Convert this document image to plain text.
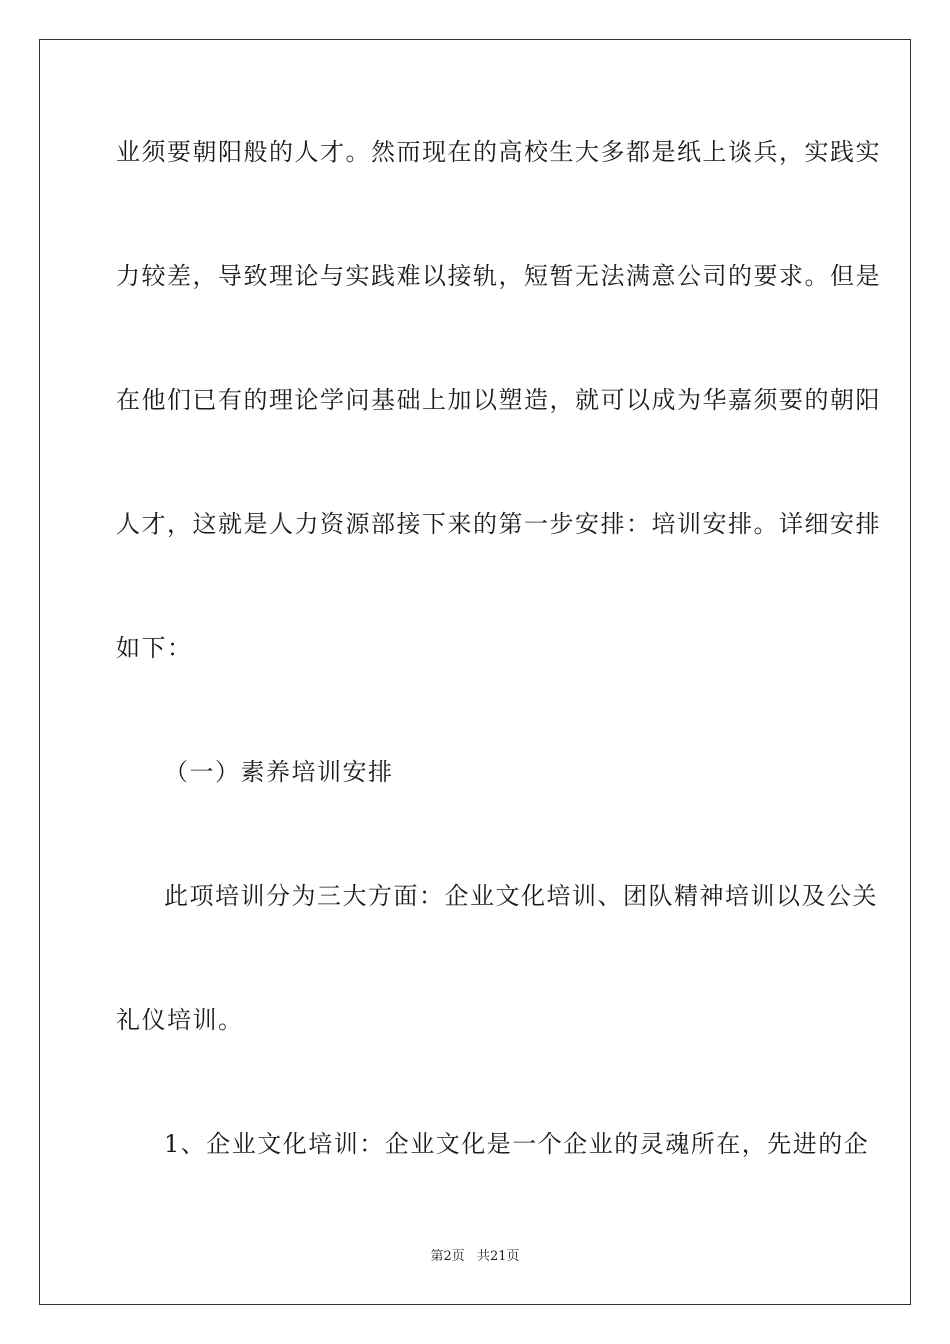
业须要朝阳般的人才。然而现在的高校生大多都是纸上谈兵，实践实
力较差，导致理论与实践难以接轨，短暂无法满意公司的要求。但是
在他们已有的理论学问基础上加以塑造，就可以成为华嘉须要的朝阳
人才，这就是人力资源部接下来的第一步安排：培训安排。详细安排
如下：
（一）素养培训安排
此项培训分为三大方面：企业文化培训、团队精神培训以及公关
礼仪培训。
1、企业文化培训：企业文化是一个企业的灵魂所在，先进的企
第2页 共21页
